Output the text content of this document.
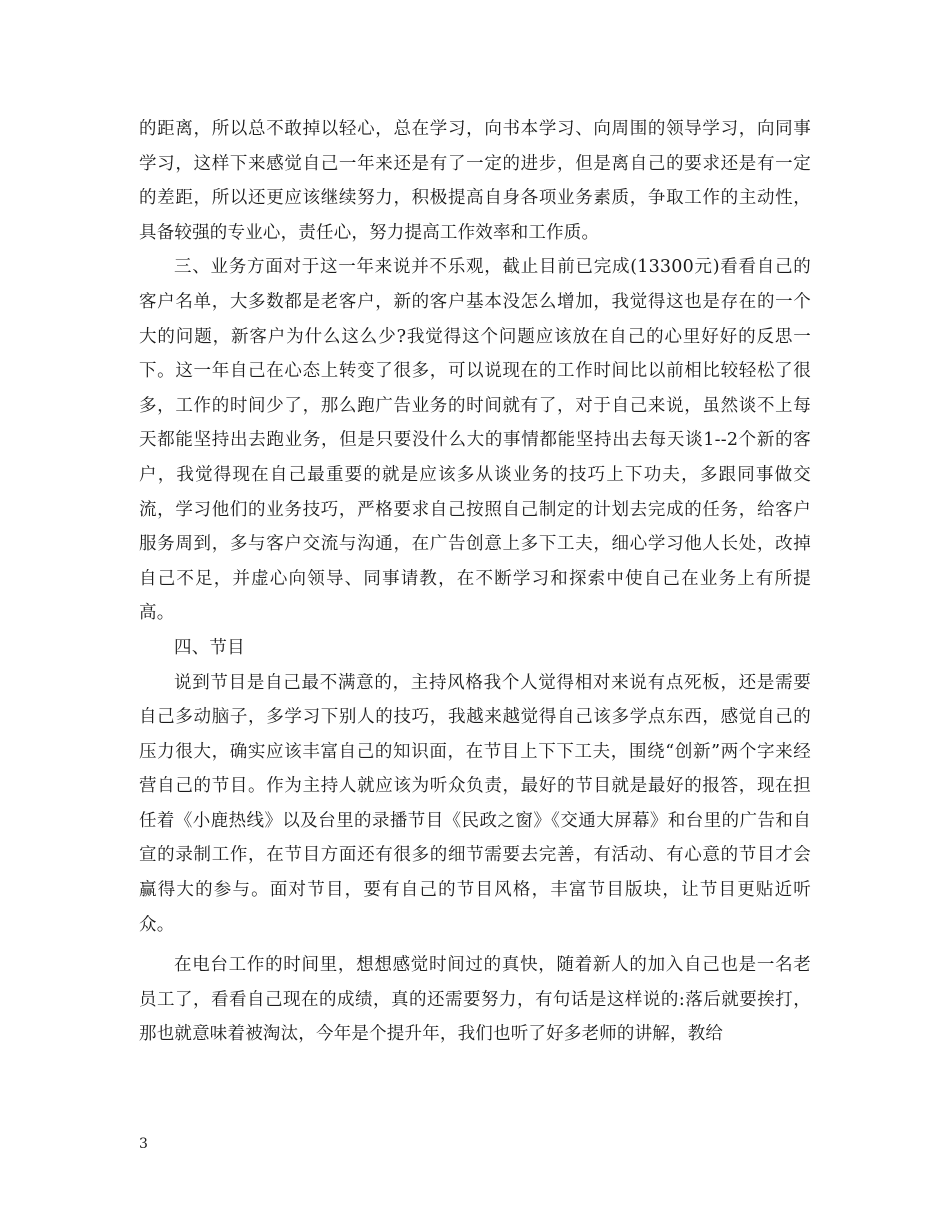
的距离，所以总不敢掉以轻心，总在学习，向书本学习、向周围的领导学习，向同事学习，这样下来感觉自己一年来还是有了一定的进步，但是离自己的要求还是有一定的差距，所以还更应该继续努力，积极提高自身各项业务素质，争取工作的主动性，具备较强的专业心，责任心，努力提高工作效率和工作质。

三、业务方面对于这一年来说并不乐观，截止目前已完成(13300元)看看自己的客户名单，大多数都是老客户，新的客户基本没怎么增加，我觉得这也是存在的一个大的问题，新客户为什么这么少?我觉得这个问题应该放在自己的心里好好的反思一下。这一年自己在心态上转变了很多，可以说现在的工作时间比以前相比较轻松了很多，工作的时间少了，那么跑广告业务的时间就有了，对于自己来说，虽然谈不上每天都能坚持出去跑业务，但是只要没什么大的事情都能坚持出去每天谈1--2个新的客户，我觉得现在自己最重要的就是应该多从谈业务的技巧上下功夫，多跟同事做交流，学习他们的业务技巧，严格要求自己按照自己制定的计划去完成的任务，给客户服务周到，多与客户交流与沟通，在广告创意上多下工夫，细心学习他人长处，改掉自己不足，并虚心向领导、同事请教，在不断学习和探索中使自己在业务上有所提高。

四、节目

说到节目是自己最不满意的，主持风格我个人觉得相对来说有点死板，还是需要自己多动脑子，多学习下别人的技巧，我越来越觉得自己该多学点东西，感觉自己的压力很大，确实应该丰富自己的知识面，在节目上下下工夫，围绕“创新”两个字来经营自己的节目。作为主持人就应该为听众负责，最好的节目就是最好的报答，现在担任着《小鹿热线》以及台里的录播节目《民政之窗》《交通大屏幕》和台里的广告和自宣的录制工作，在节目方面还有很多的细节需要去完善，有活动、有心意的节目才会赢得大的参与。面对节目，要有自己的节目风格，丰富节目版块，让节目更贴近听众。

在电台工作的时间里，想想感觉时间过的真快，随着新人的加入自己也是一名老员工了，看看自己现在的成绩，真的还需要努力，有句话是这样说的:落后就要挨打，那也就意味着被淘汰，今年是个提升年，我们也听了好多老师的讲解，教给

3
